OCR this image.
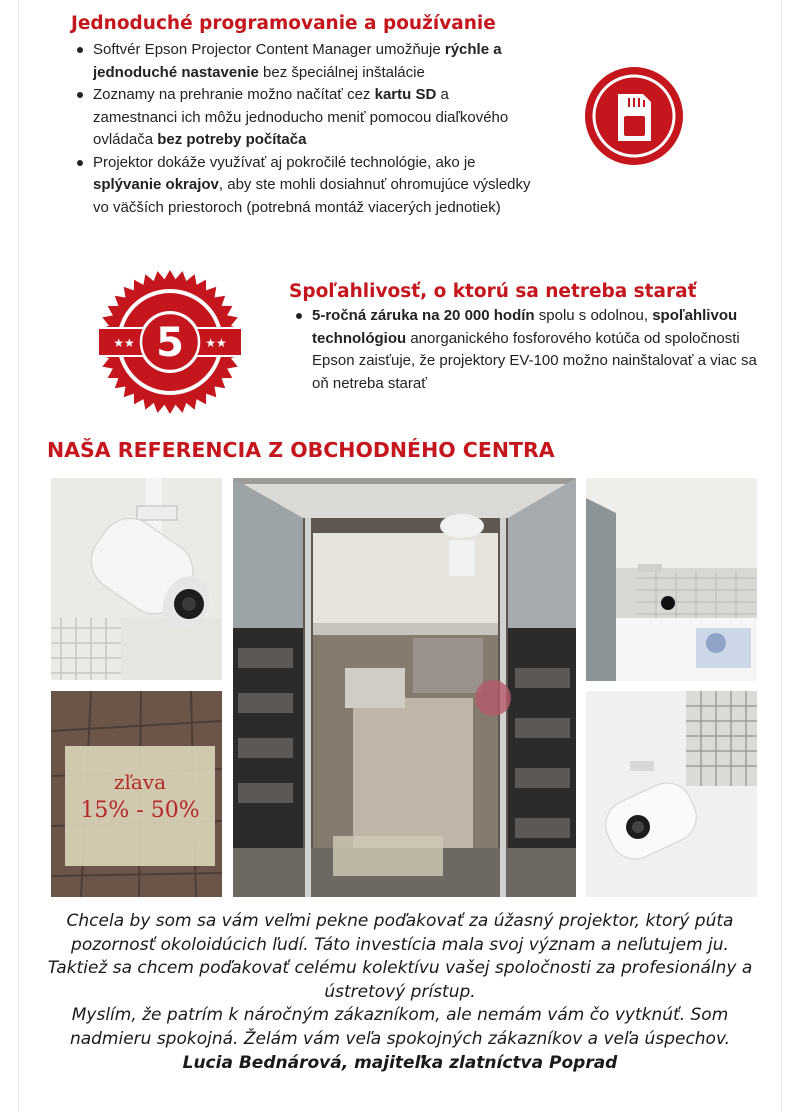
Jednoduché programovanie a používanie
Softvér Epson Projector Content Manager umožňuje rýchle a jednoduché nastavenie bez špeciálnej inštalácie
Zoznamy na prehranie možno načítať cez kartu SD a zamestnanci ich môžu jednoducho meniť pomocou diaľkového ovládača bez potreby počítača
Projektor dokáže využívať aj pokročilé technológie, ako je splývanie okrajov, aby ste mohli dosiahnuť ohromujúce výsledky vo väčších priestoroch (potrebná montáž viacerých jednotiek)
5
★★	★★
Spoľahlivosť, o ktorú sa netreba starať
5-ročná záruka na 20 000 hodín spolu s odolnou, spoľahlivou technológiou anorganického fosforového kotúča od spoločnosti Epson zaisťuje, že projektory EV-100 možno nainštalovať a viac sa oň netreba starať
NAŠA REFERENCIA Z OBCHODNÉHO CENTRA
zľava
15% - 50%

Chcela by som sa vám veľmi pekne poďakovať za úžasný projektor, ktorý púta pozornosť okoloidúcich ľudí. Táto investícia mala svoj význam a neľutujem ju. Taktiež sa chcem poďakovať celému kolektívu vašej spoločnosti za profesionálny a ústretový prístup.

Myslím, že patrím k náročným zákazníkom, ale nemám vám čo vytknúť. Som nadmieru spokojná. Želám vám veľa spokojných zákazníkov a veľa úspechov.

Lucia Bednárová, majiteľka zlatníctva Poprad
